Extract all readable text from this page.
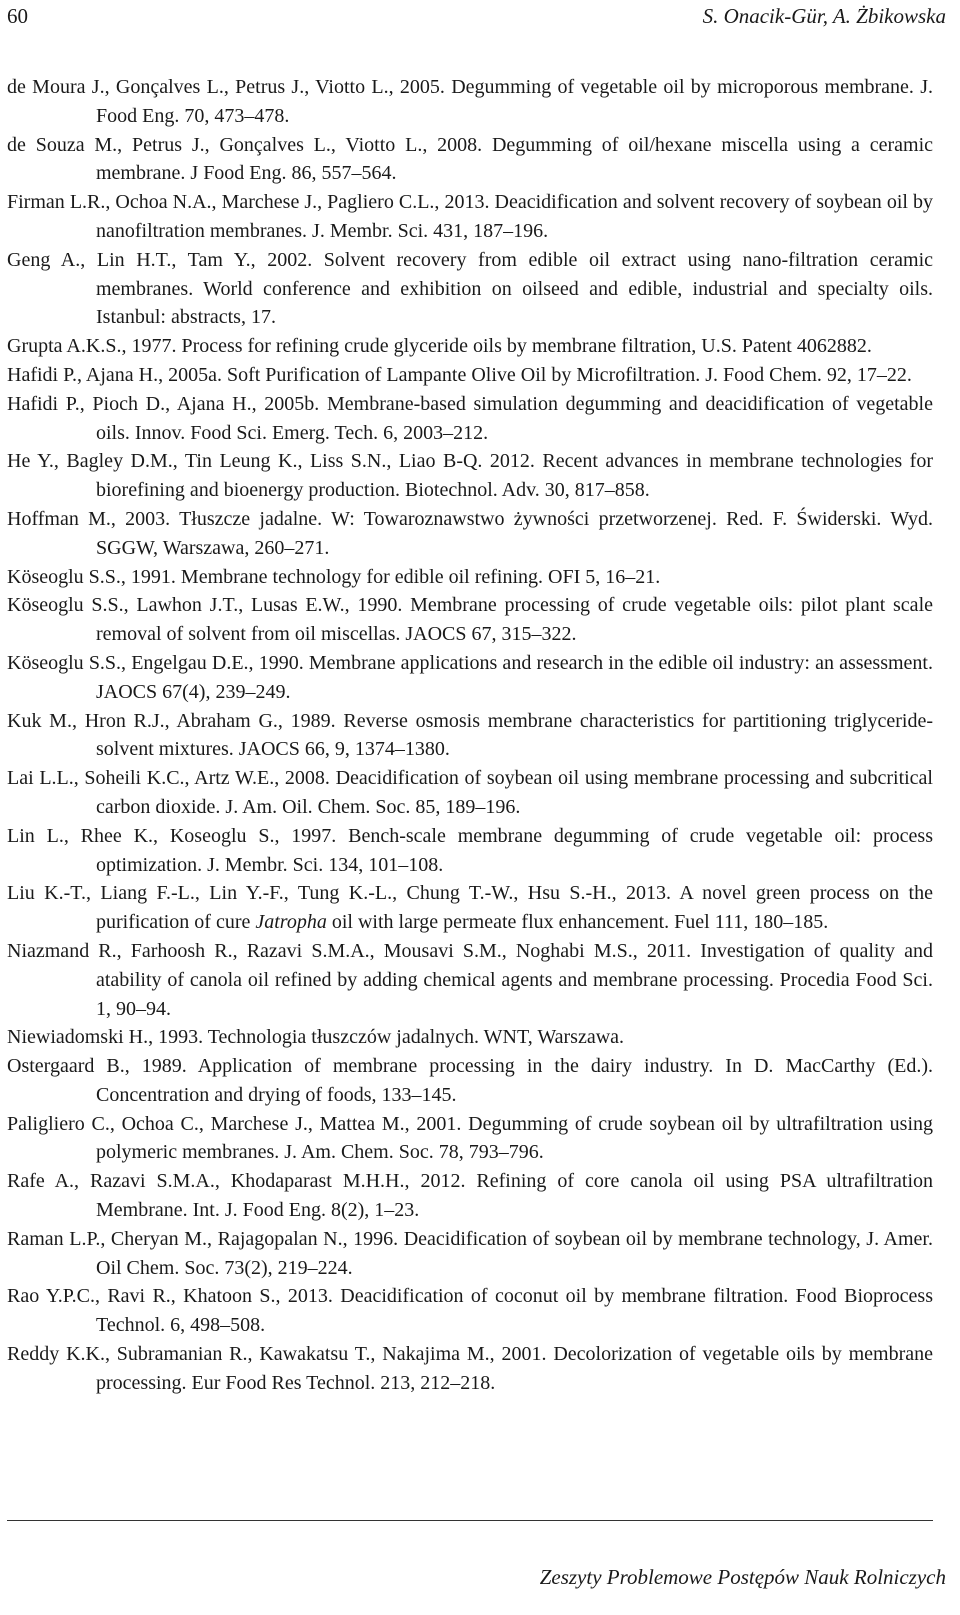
60	S. Onacik-Gür, A. Żbikowska
de Moura J., Gonçalves L., Petrus J., Viotto L., 2005. Degumming of vegetable oil by microporous membrane. J. Food Eng. 70, 473–478.
de Souza M., Petrus J., Gonçalves L., Viotto L., 2008. Degumming of oil/hexane miscella using a ceramic membrane. J Food Eng. 86, 557–564.
Firman L.R., Ochoa N.A., Marchese J., Pagliero C.L., 2013. Deacidification and solvent recovery of soybean oil by nanofiltration membranes. J. Membr. Sci. 431, 187–196.
Geng A., Lin H.T., Tam Y., 2002. Solvent recovery from edible oil extract using nano-filtration ceramic membranes. World conference and exhibition on oilseed and edible, industrial and specialty oils. Istanbul: abstracts, 17.
Grupta A.K.S., 1977. Process for refining crude glyceride oils by membrane filtration, U.S. Patent 4062882.
Hafidi P., Ajana H., 2005a. Soft Purification of Lampante Olive Oil by Microfiltration. J. Food Chem. 92, 17–22.
Hafidi P., Pioch D., Ajana H., 2005b. Membrane-based simulation degumming and deacidification of vegetable oils. Innov. Food Sci. Emerg. Tech. 6, 2003–212.
He Y., Bagley D.M., Tin Leung K., Liss S.N., Liao B-Q. 2012. Recent advances in membrane technologies for biorefining and bioenergy production. Biotechnol. Adv. 30, 817–858.
Hoffman M., 2003. Tłuszcze jadalne. W: Towaroznawstwo żywności przetworzenej. Red. F. Świderski. Wyd. SGGW, Warszawa, 260–271.
Köseoglu S.S., 1991. Membrane technology for edible oil refining. OFI 5, 16–21.
Köseoglu S.S., Lawhon J.T., Lusas E.W., 1990. Membrane processing of crude vegetable oils: pilot plant scale removal of solvent from oil miscellas. JAOCS 67, 315–322.
Köseoglu S.S., Engelgau D.E., 1990. Membrane applications and research in the edible oil industry: an assessment. JAOCS 67(4), 239–249.
Kuk M., Hron R.J., Abraham G., 1989. Reverse osmosis membrane characteristics for partitioning triglyceride-solvent mixtures. JAOCS 66, 9, 1374–1380.
Lai L.L., Soheili K.C., Artz W.E., 2008. Deacidification of soybean oil using membrane processing and subcritical carbon dioxide. J. Am. Oil. Chem. Soc. 85, 189–196.
Lin L., Rhee K., Koseoglu S., 1997. Bench-scale membrane degumming of crude vegetable oil: process optimization. J. Membr. Sci. 134, 101–108.
Liu K.-T., Liang F.-L., Lin Y.-F., Tung K.-L., Chung T.-W., Hsu S.-H., 2013. A novel green process on the purification of cure Jatropha oil with large permeate flux enhancement. Fuel 111, 180–185.
Niazmand R., Farhoosh R., Razavi S.M.A., Mousavi S.M., Noghabi M.S., 2011. Investigation of quality and atability of canola oil refined by adding chemical agents and membrane processing. Procedia Food Sci. 1, 90–94.
Niewiadomski H., 1993. Technologia tłuszczów jadalnych. WNT, Warszawa.
Ostergaard B., 1989. Application of membrane processing in the dairy industry. In D. MacCarthy (Ed.). Concentration and drying of foods, 133–145.
Paligliero C., Ochoa C., Marchese J., Mattea M., 2001. Degumming of crude soybean oil by ultrafiltration using polymeric membranes. J. Am. Chem. Soc. 78, 793–796.
Rafe A., Razavi S.M.A., Khodaparast M.H.H., 2012. Refining of core canola oil using PSA ultrafiltration Membrane. Int. J. Food Eng. 8(2), 1–23.
Raman L.P., Cheryan M., Rajagopalan N., 1996. Deacidification of soybean oil by membrane technology, J. Amer. Oil Chem. Soc. 73(2), 219–224.
Rao Y.P.C., Ravi R., Khatoon S., 2013. Deacidification of coconut oil by membrane filtration. Food Bioprocess Technol. 6, 498–508.
Reddy K.K., Subramanian R., Kawakatsu T., Nakajima M., 2001. Decolorization of vegetable oils by membrane processing. Eur Food Res Technol. 213, 212–218.
Zeszyty Problemowe Postępów Nauk Rolniczych
